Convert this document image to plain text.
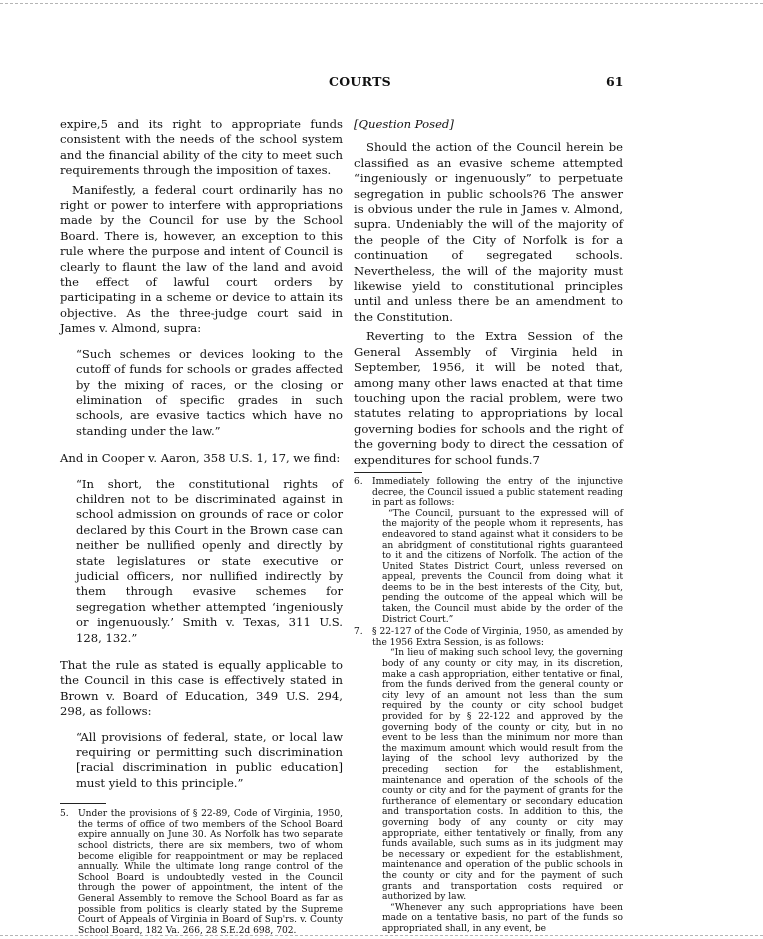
COURTS	61

expire,5 and its right to appropriate funds consistent with the needs of the school system and the financial ability of the city to meet such requirements through the imposition of taxes.

Manifestly, a federal court ordinarily has no right or power to interfere with appropriations made by the Council for use by the School Board. There is, however, an exception to this rule where the purpose and intent of Council is clearly to flaunt the law of the land and avoid the effect of lawful court orders by participating in a scheme or device to attain its objective. As the three-judge court said in James v. Almond, supra:

“Such schemes or devices looking to the cutoff of funds for schools or grades affected by the mixing of races, or the closing or elimination of specific grades in such schools, are evasive tactics which have no standing under the law.”

And in Cooper v. Aaron, 358 U.S. 1, 17, we find:

“In short, the constitutional rights of children not to be discriminated against in school admission on grounds of race or color declared by this Court in the Brown case can neither be nullified openly and directly by state legislatures or state executive or judicial officers, nor nullified indirectly by them through evasive schemes for segregation whether attempted ‘ingeniously or ingenuously.’ Smith v. Texas, 311 U.S. 128, 132.”

That the rule as stated is equally applicable to the Council in this case is effectively stated in Brown v. Board of Education, 349 U.S. 294, 298, as follows:

“All provisions of federal, state, or local law requiring or permitting such discrimination [racial discrimination in public education] must yield to this principle.”

5. Under the provisions of § 22-89, Code of Virginia, 1950, the terms of office of two members of the School Board expire annually on June 30. As Norfolk has two separate school districts, there are six members, two of whom become eligible for reappointment or may be replaced annually. While the ultimate long range control of the School Board is undoubtedly vested in the Council through the power of appointment, the intent of the General Assembly to remove the School Board as far as possible from politics is clearly stated by the Supreme Court of Appeals of Virginia in Board of Sup'rs. v. County School Board, 182 Va. 266, 28 S.E.2d 698, 702.

[Question Posed]

Should the action of the Council herein be classified as an evasive scheme attempted “ingeniously or ingenuously” to perpetuate segregation in public schools?6 The answer is obvious under the rule in James v. Almond, supra. Undeniably the will of the majority of the people of the City of Norfolk is for a continuation of segregated schools. Nevertheless, the will of the majority must likewise yield to constitutional principles until and unless there be an amendment to the Constitution.

Reverting to the Extra Session of the General Assembly of Virginia held in September, 1956, it will be noted that, among many other laws enacted at that time touching upon the racial problem, were two statutes relating to appropriations by local governing bodies for schools and the right of the governing body to direct the cessation of expenditures for school funds.7

6. Immediately following the entry of the injunctive decree, the Council issued a public statement reading in part as follows:

“The Council, pursuant to the expressed will of the majority of the people whom it represents, has endeavored to stand against what it considers to be an abridgment of constitutional rights guaranteed to it and the citizens of Norfolk. The action of the United States District Court, unless reversed on appeal, prevents the Council from doing what it deems to be in the best interests of the City, but, pending the outcome of the appeal which will be taken, the Council must abide by the order of the District Court.”

7. § 22-127 of the Code of Virginia, 1950, as amended by the 1956 Extra Session, is as follows:

“In lieu of making such school levy, the governing body of any county or city may, in its discretion, make a cash appropriation, either tentative or final, from the funds derived from the general county or city levy of an amount not less than the sum required by the county or city school budget provided for by § 22-122 and approved by the governing body of the county or city, but in no event to be less than the minimum nor more than the maximum amount which would result from the laying of the school levy authorized by the preceding section for the establishment, maintenance and operation of the schools of the county or city and for the payment of grants for the furtherance of elementary or secondary education and transportation costs. In addition to this, the governing body of any county or city may appropriate, either tentatively or finally, from any funds available, such sums as in its judgment may be necessary or expedient for the establishment, maintenance and operation of the public schools in the county or city and for the payment of such grants and transportation costs required or authorized by law.

“Whenever any such appropriations have been made on a tentative basis, no part of the funds so appropriated shall, in any event, be
